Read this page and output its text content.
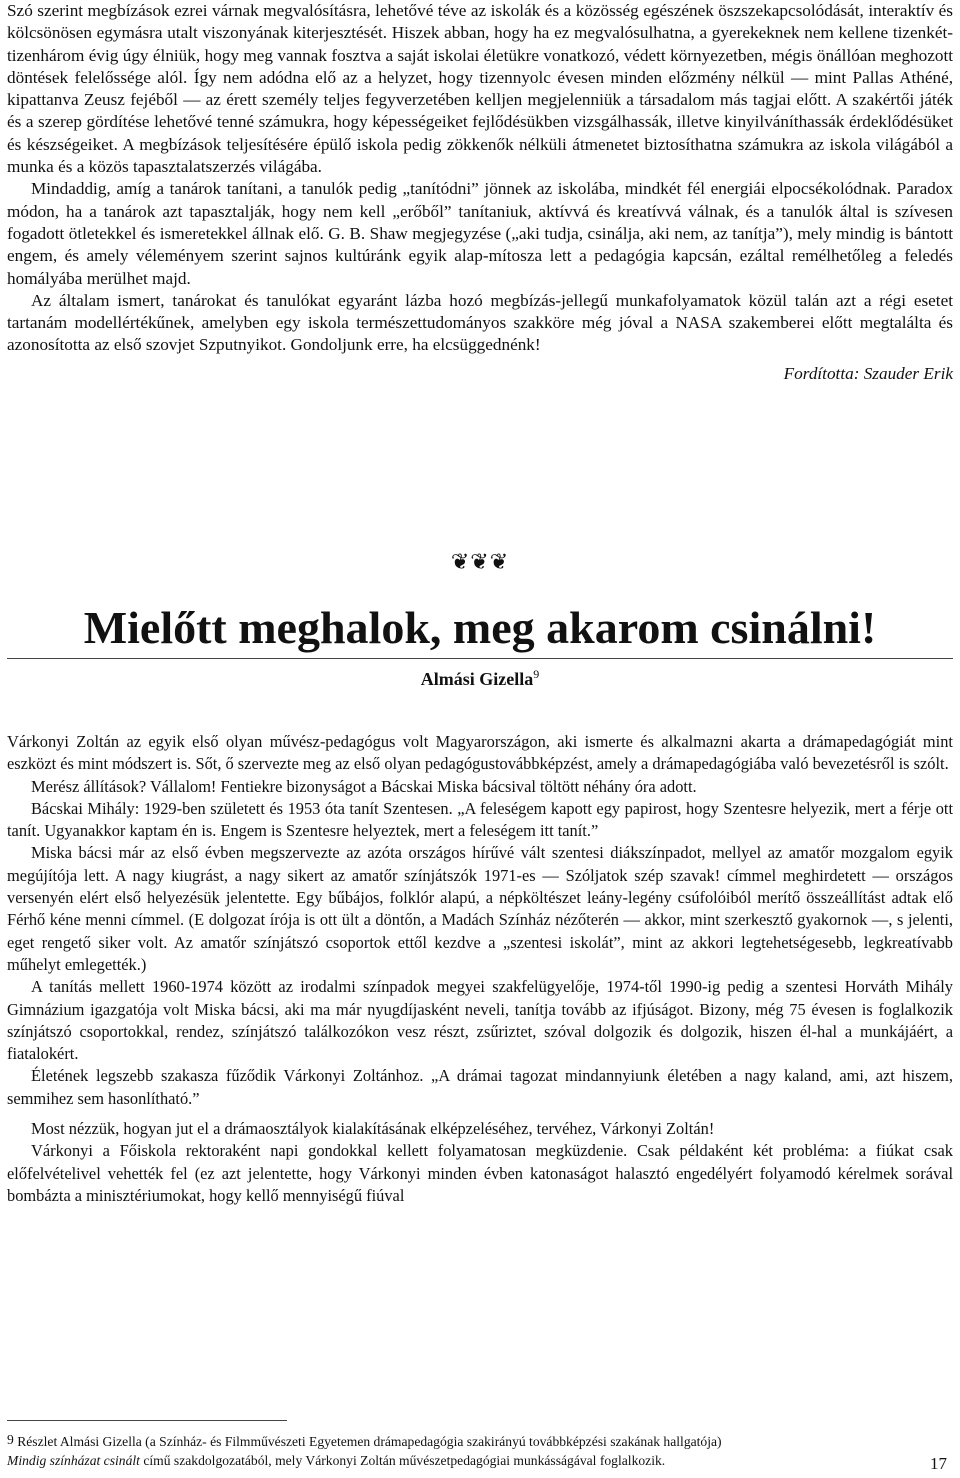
Szó szerint megbízások ezrei várnak megvalósításra, lehetővé téve az iskolák és a közösség egészének öszszekapcsolódását, interaktív és kölcsönösen egymásra utalt viszonyának kiterjesztését. Hiszek abban, hogy ha ez megvalósulhatna, a gyerekeknek nem kellene tizenkét-tizenhárom évig úgy élniük, hogy meg vannak fosztva a saját iskolai életükre vonatkozó, védett környezetben, mégis önállóan meghozott döntések felelőssége alól. Így nem adódna elő az a helyzet, hogy tizennyolc évesen minden előzmény nélkül — mint Pallas Athéné, kipattanva Zeusz fejéből — az érett személy teljes fegyverzetében kelljen megjelenniük a társadalom más tagjai előtt. A szakértői játék és a szerep gördítése lehetővé tenné számukra, hogy képességeiket fejlődésükben vizsgálhassák, illetve kinyilváníthassák érdeklődésüket és készségeiket. A megbízások teljesítésére épülő iskola pedig zökkenők nélküli átmenetet biztosíthatna számukra az iskola világából a munka és a közös tapasztalatszerzés világába.

Mindaddig, amíg a tanárok tanítani, a tanulók pedig „tanítódni” jönnek az iskolába, mindkét fél energiái elpocsékolódnak. Paradox módon, ha a tanárok azt tapasztalják, hogy nem kell „erőből” tanítaniuk, aktívvá és kreatívvá válnak, és a tanulók által is szívesen fogadott ötletekkel és ismeretekkel állnak elő. G. B. Shaw megjegyzése („aki tudja, csinálja, aki nem, az tanítja”), mely mindig is bántott engem, és amely véleményem szerint sajnos kultúránk egyik alap-mítosza lett a pedagógia kapcsán, ezáltal remélhetőleg a feledés homályába merülhet majd.

Az általam ismert, tanárokat és tanulókat egyaránt lázba hozó megbízás-jellegű munkafolyamatok közül talán azt a régi esetet tartanám modellértékűnek, amelyben egy iskola természettudományos szakköre még jóval a NASA szakemberei előtt megtalálta és azonosította az első szovjet Szputnyikot. Gondoljunk erre, ha elcsüggednénk!

Fordította: Szauder Erik

❦❦❦
Mielőtt meghalok, meg akarom csinálni!
Almási Gizella$^9$

Várkonyi Zoltán az egyik első olyan művész-pedagógus volt Magyarországon, aki ismerte és alkalmazni akarta a drámapedagógiát mint eszközt és mint módszert is. Sőt, ő szervezte meg az első olyan pedagógustovábbképzést, amely a drámapedagógiába való bevezetésről is szólt.

Merész állítások? Vállalom! Fentiekre bizonyságot a Bácskai Miska bácsival töltött néhány óra adott.

Bácskai Mihály: 1929-ben született és 1953 óta tanít Szentesen. „A feleségem kapott egy papirost, hogy Szentesre helyezik, mert a férje ott tanít. Ugyanakkor kaptam én is. Engem is Szentesre helyeztek, mert a feleségem itt tanít.”

Miska bácsi már az első évben megszervezte az azóta országos hírűvé vált szentesi diákszínpadot, mellyel az amatőr mozgalom egyik megújítója lett. A nagy kiugrást, a nagy sikert az amatőr színjátszók 1971-es — Szóljatok szép szavak! címmel meghirdetett — országos versenyén elért első helyezésük jelentette. Egy bűbájos, folklór alapú, a népköltészet leány-legény csúfolóiból merítő összeállítást adtak elő Férhő kéne menni címmel. (E dolgozat írója is ott ült a döntőn, a Madách Színház nézőterén — akkor, mint szerkesztő gyakornok —, s jelenti, eget rengető siker volt. Az amatőr színjátszó csoportok ettől kezdve a „szentesi iskolát”, mint az akkori legtehetségesebb, legkreatívabb műhelyt emlegették.)

A tanítás mellett 1960-1974 között az irodalmi színpadok megyei szakfelügyelője, 1974-től 1990-ig pedig a szentesi Horváth Mihály Gimnázium igazgatója volt Miska bácsi, aki ma már nyugdíjasként neveli, tanítja tovább az ifjúságot. Bizony, még 75 évesen is foglalkozik színjátszó csoportokkal, rendez, színjátszó találkozókon vesz részt, zsűriztet, szóval dolgozik és dolgozik, hiszen él-hal a munkájáért, a fiatalokért.

Életének legszebb szakasza fűződik Várkonyi Zoltánhoz. „A drámai tagozat mindannyiunk életében a nagy kaland, ami, azt hiszem, semmihez sem hasonlítható.”

Most nézzük, hogyan jut el a drámaosztályok kialakításának elképzeléséhez, tervéhez, Várkonyi Zoltán!

Várkonyi a Főiskola rektoraként napi gondokkal kellett folyamatosan megküzdenie. Csak példaként két probléma: a fiúkat csak előfelvételivel vehették fel (ez azt jelentette, hogy Várkonyi minden évben katonaságot halasztó engedélyért folyamodó kérelmek sorával bombázta a minisztériumokat, hogy kellő mennyiségű fiúval

$^9$ Részlet Almási Gizella (a Színház- és Filmművészeti Egyetemen drámapedagógia szakirányú továbbképzési szakának hallgatója)
Mindig színházat csinált című szakdolgozatából, mely Várkonyi Zoltán művészetpedagógiai munkásságával foglalkozik.	17
